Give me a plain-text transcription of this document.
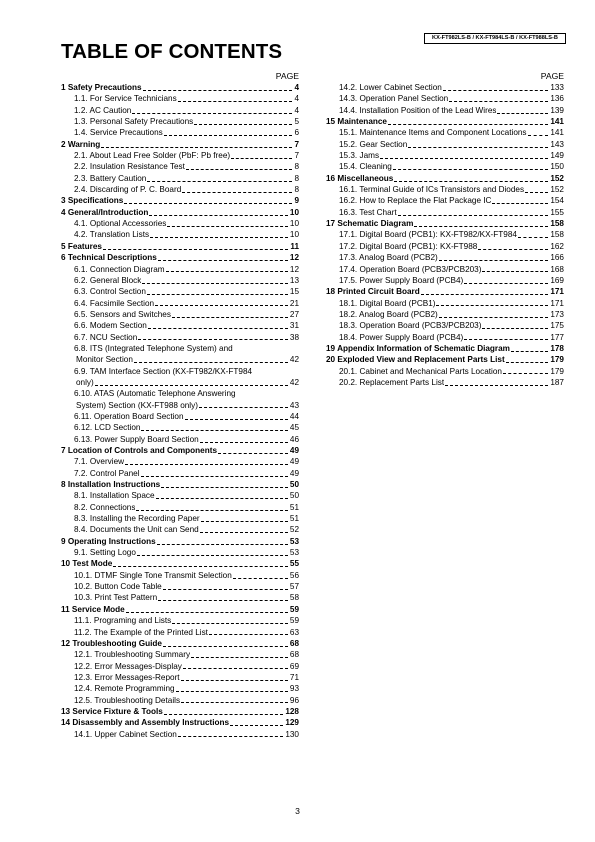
KX-FT982LS-B / KX-FT984LS-B / KX-FT988LS-B
TABLE OF CONTENTS
PAGE
1 Safety Precautions	4
1.1. For Service Technicians	4
1.2. AC Caution	4
1.3. Personal Safety Precautions	5
1.4. Service Precautions	6
2 Warning	7
2.1. About Lead Free Solder (PbF: Pb free)	7
2.2. Insulation Resistance Test	8
2.3. Battery Caution	8
2.4. Discarding of P. C. Board	8
3 Specifications	9
4 General/Introduction	10
4.1. Optional Accessories	10
4.2. Translation Lists	10
5 Features	11
6 Technical Descriptions	12
6.1. Connection Diagram	12
6.2. General Block	13
6.3. Control Section	15
6.4. Facsimile Section	21
6.5. Sensors and Switches	27
6.6. Modem Section	31
6.7. NCU Section	38
6.8. ITS (Integrated Telephone System) and
Monitor Section	42
6.9. TAM Interface Section (KX-FT982/KX-FT984
only)	42
6.10. ATAS (Automatic Telephone Answering
System) Section (KX-FT988 only)	43
6.11. Operation Board Section	44
6.12. LCD Section	45
6.13. Power Supply Board Section	46
7 Location of Controls and Components	49
7.1. Overview	49
7.2. Control Panel	49
8 Installation Instructions	50
8.1. Installation Space	50
8.2. Connections	51
8.3. Installing the Recording Paper	51
8.4. Documents the Unit can Send	52
9 Operating Instructions	53
9.1. Setting Logo	53
10 Test Mode	55
10.1. DTMF Single Tone Transmit Selection	56
10.2. Button Code Table	57
10.3. Print Test Pattern	58
11 Service Mode	59
11.1. Programing and Lists	59
11.2. The Example of the Printed List	63
12 Troubleshooting Guide	68
12.1. Troubleshooting Summary	68
12.2. Error Messages-Display	69
12.3. Error Messages-Report	71
12.4. Remote Programming	93
12.5. Troubleshooting Details	96
13 Service Fixture & Tools	128
14 Disassembly and Assembly Instructions	129
14.1. Upper Cabinet Section	130
PAGE
14.2. Lower Cabinet Section	133
14.3. Operation Panel Section	136
14.4. Installation Position of the Lead Wires	139
15 Maintenance	141
15.1. Maintenance Items and Component Locations	141
15.2. Gear Section	143
15.3. Jams	149
15.4. Cleaning	150
16 Miscellaneous	152
16.1. Terminal Guide of ICs Transistors and Diodes	152
16.2. How to Replace the Flat Package IC	154
16.3. Test Chart	155
17 Schematic Diagram	158
17.1. Digital Board (PCB1): KX-FT982/KX-FT984	158
17.2. Digital Board (PCB1): KX-FT988	162
17.3. Analog Board (PCB2)	166
17.4. Operation Board (PCB3/PCB203)	168
17.5. Power Supply Board (PCB4)	169
18 Printed Circuit Board	171
18.1. Digital Board (PCB1)	171
18.2. Analog Board (PCB2)	173
18.3. Operation Board (PCB3/PCB203)	175
18.4. Power Supply Board (PCB4)	177
19 Appendix Information of Schematic Diagram	178
20 Exploded View and Replacement Parts List	179
20.1. Cabinet and Mechanical Parts Location	179
20.2. Replacement Parts List	187
3
